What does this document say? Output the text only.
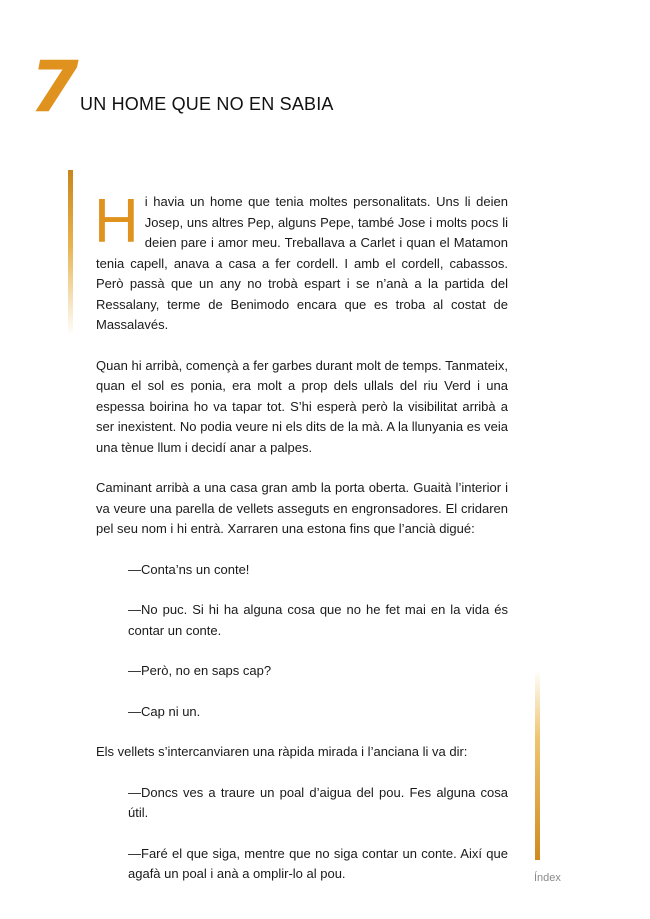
7 UN HOME QUE NO EN SABIA

Hi havia un home que tenia moltes personalitats. Uns li deien Josep, uns altres Pep, alguns Pepe, també Jose i molts pocs li deien pare i amor meu. Treballava a Carlet i quan el Matamon tenia capell, anava a casa a fer cordell. I amb el cordell, cabassos. Però passà que un any no trobà espart i se n’anà a la partida del Ressalany, terme de Benimodo encara que es troba al costat de Massalavés.

Quan hi arribà, començà a fer garbes durant molt de temps. Tanmateix, quan el sol es ponia, era molt a prop dels ullals del riu Verd i una espessa boirina ho va tapar tot. S’hi esperà però la visibilitat arribà a ser inexistent. No podia veure ni els dits de la mà. A la llunyania es veia una tènue llum i decidí anar a palpes.

Caminant arribà a una casa gran amb la porta oberta. Guaità l’interior i va veure una parella de vellets asseguts en engronsadores. El cridaren pel seu nom i hi entrà. Xarraren una estona fins que l’ancià digué:

—Conta’ns un conte!

—No puc. Si hi ha alguna cosa que no he fet mai en la vida és contar un conte.

—Però, no en saps cap?

—Cap ni un.

Els vellets s’intercanviaren una ràpida mirada i l’anciana li va dir:

—Doncs ves a traure un poal d’aigua del pou. Fes alguna cosa útil.

—Faré el que siga, mentre que no siga contar un conte. Així que agafà un poal i anà a omplir-lo al pou.	Índex
